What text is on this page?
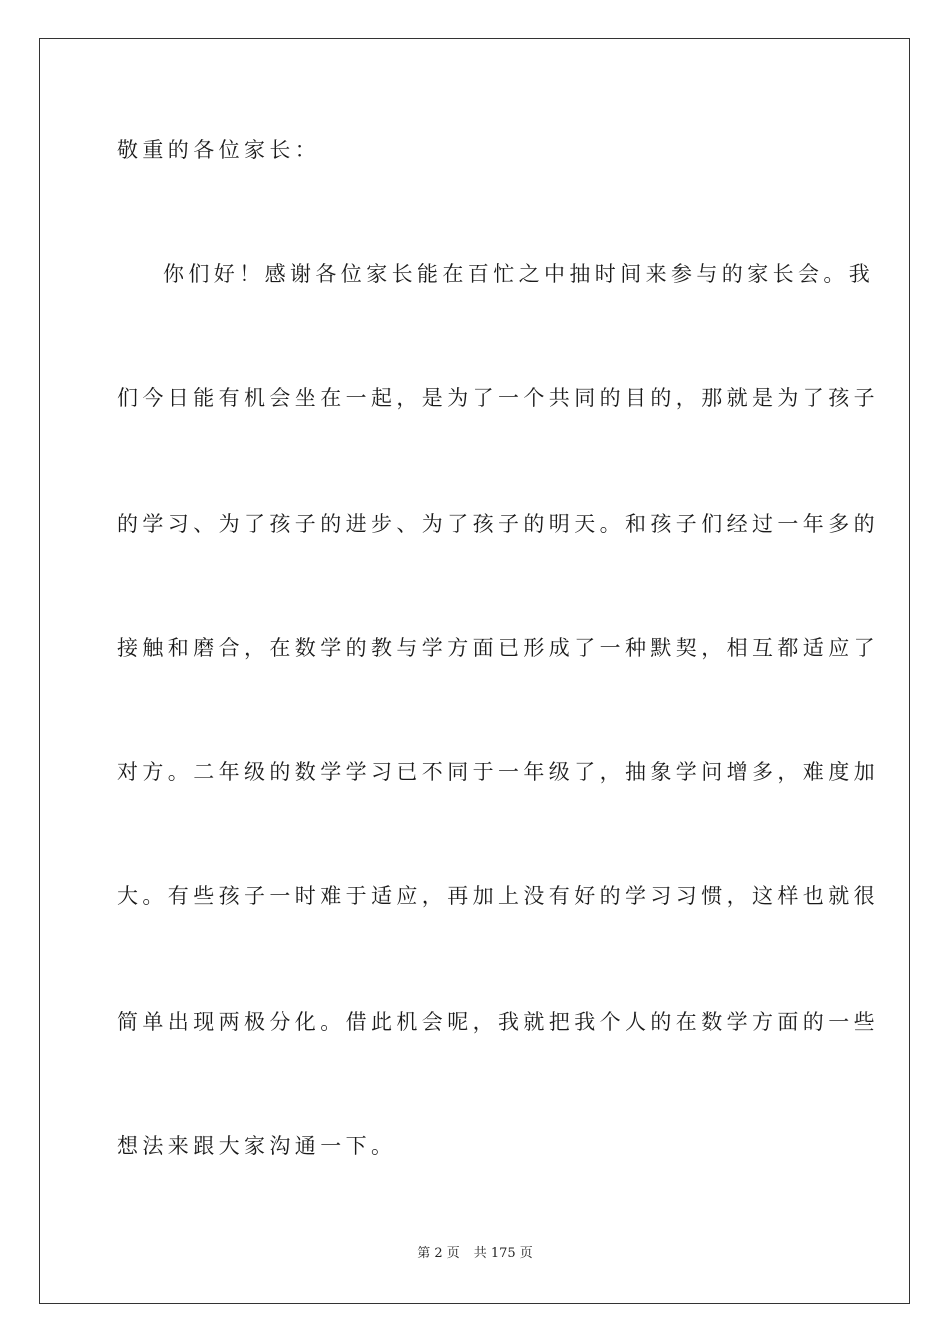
敬重的各位家长：
你们好！感谢各位家长能在百忙之中抽时间来参与的家长会。我
们今日能有机会坐在一起，是为了一个共同的目的，那就是为了孩子
的学习、为了孩子的进步、为了孩子的明天。和孩子们经过一年多的
接触和磨合，在数学的教与学方面已形成了一种默契，相互都适应了
对方。二年级的数学学习已不同于一年级了，抽象学问增多，难度加
大。有些孩子一时难于适应，再加上没有好的学习习惯，这样也就很
简单出现两极分化。借此机会呢，我就把我个人的在数学方面的一些
想法来跟大家沟通一下。
第 2 页 共 175 页
